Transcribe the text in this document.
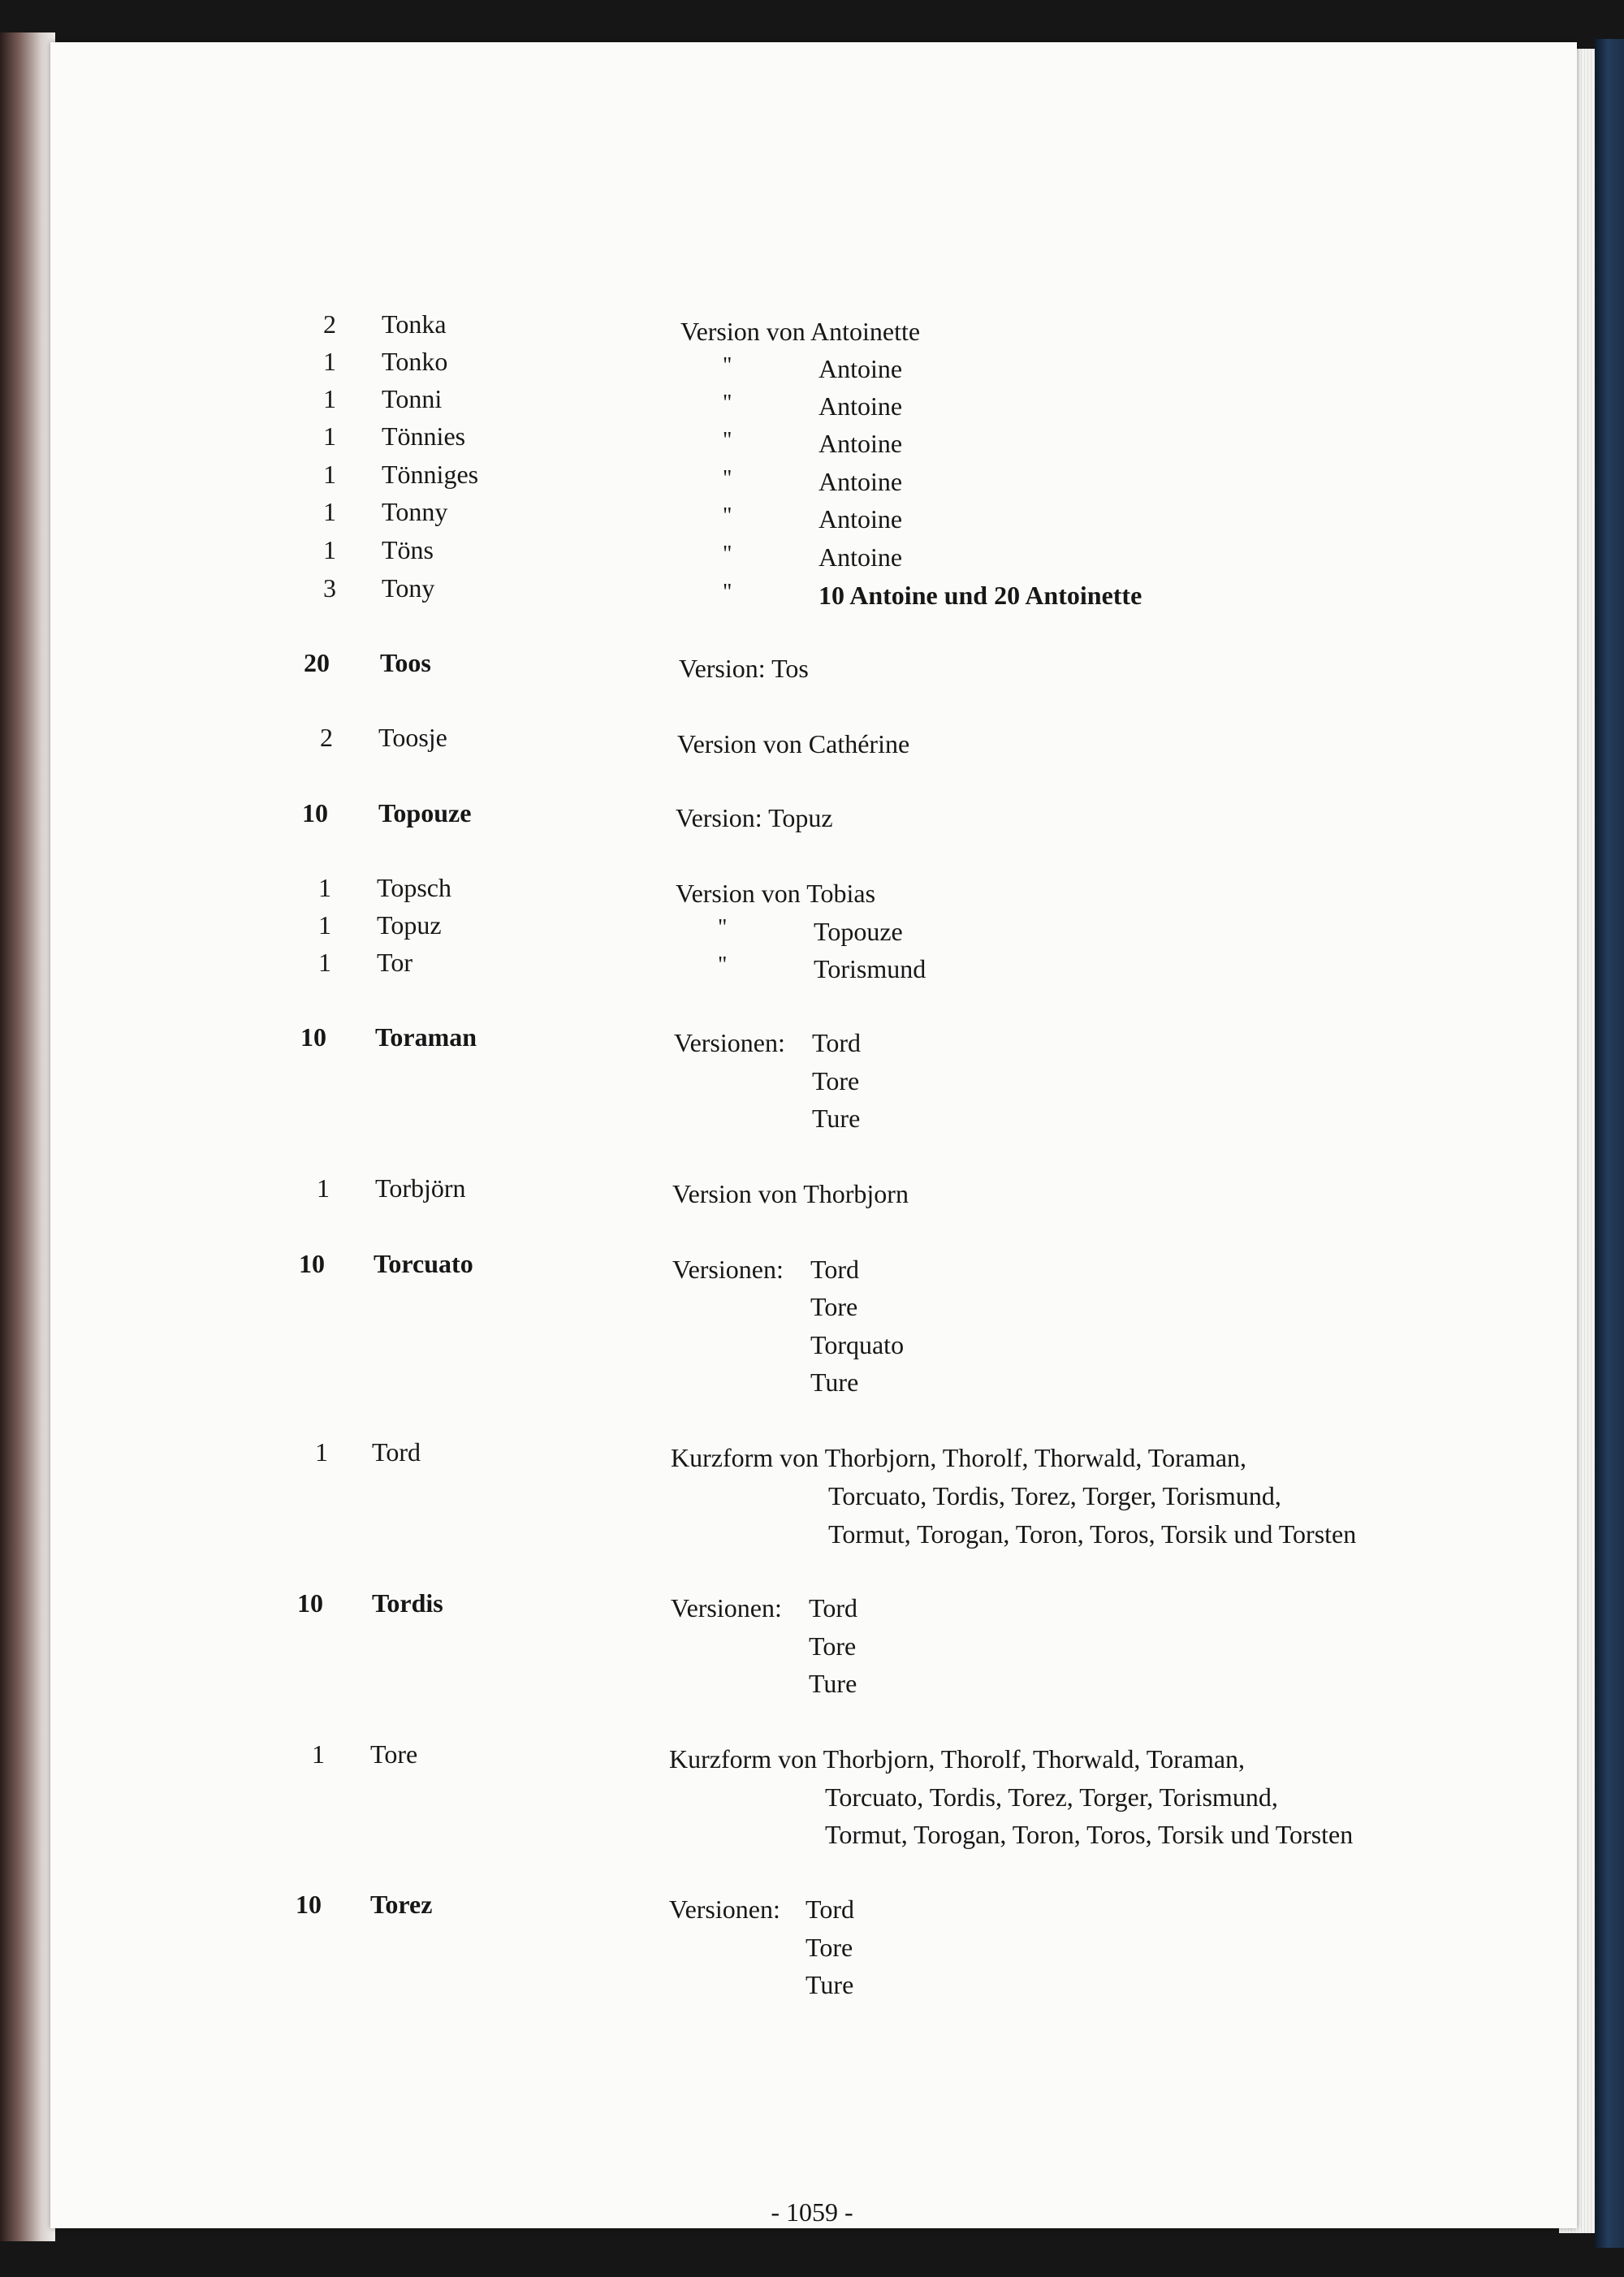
2 Tonka	Version von Antoinette
1 Tonko	"	Antoine
1 Tonni	"	Antoine
1 Tönnies	"	Antoine
1 Tönniges	"	Antoine
1 Tonny	"	Antoine
1 Töns	"	Antoine
3 Tony	"	10 Antoine und 20 Antoinette
20 Toos	Version: Tos
2 Toosje	Version von Cathérine
10 Topouze	Version: Topuz
1 Topsch	Version von Tobias
1 Topuz	"	Topouze
1 Tor	"	Torismund
10 Toraman	Versionen: Tord
Tore
Ture
1 Torbjörn	Version von Thorbjorn
10 Torcuato	Versionen: Tord
Tore
Torquato
Ture
1 Tord	Kurzform von Thorbjorn, Thorolf, Thorwald, Toraman,
Torcuato, Tordis, Torez, Torger, Torismund,
Tormut, Torogan, Toron, Toros, Torsik und Torsten
10 Tordis	Versionen: Tord
Tore
Ture
1 Tore	Kurzform von Thorbjorn, Thorolf, Thorwald, Toraman,
Torcuato, Tordis, Torez, Torger, Torismund,
Tormut, Torogan, Toron, Toros, Torsik und Torsten
10 Torez	Versionen: Tord
Tore
Ture
- 1059 -
